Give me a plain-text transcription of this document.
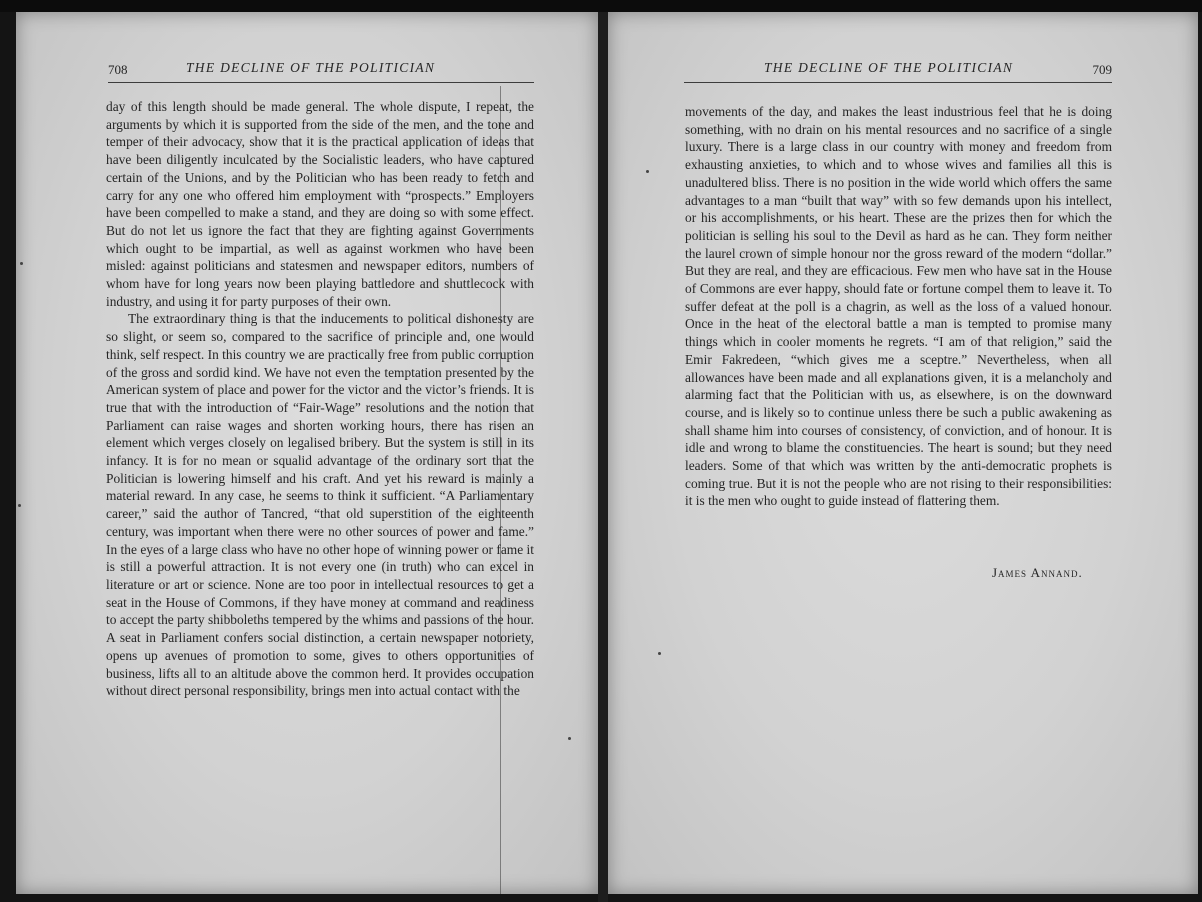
708	THE DECLINE OF THE POLITICIAN

day of this length should be made general. The whole dispute, I repeat, the arguments by which it is supported from the side of the men, and the tone and temper of their advocacy, show that it is the practical application of ideas that have been diligently inculcated by the Socialistic leaders, who have captured certain of the Unions, and by the Politician who has been ready to fetch and carry for any one who offered him employment with “prospects.” Employers have been compelled to make a stand, and they are doing so with some effect. But do not let us ignore the fact that they are fighting against Governments which ought to be impartial, as well as against workmen who have been misled: against politicians and statesmen and newspaper editors, numbers of whom have for long years now been playing battledore and shuttlecock with industry, and using it for party purposes of their own.

The extraordinary thing is that the inducements to political dishonesty are so slight, or seem so, compared to the sacrifice of principle and, one would think, self respect. In this country we are practically free from public corruption of the gross and sordid kind. We have not even the temptation presented by the American system of place and power for the victor and the victor’s friends. It is true that with the introduction of “Fair-Wage” resolutions and the notion that Parliament can raise wages and shorten working hours, there has risen an element which verges closely on legalised bribery. But the system is still in its infancy. It is for no mean or squalid advantage of the ordinary sort that the Politician is lowering himself and his craft. And yet his reward is mainly a material reward. In any case, he seems to think it sufficient. “A Parliamentary career,” said the author of Tancred, “that old superstition of the eighteenth century, was important when there were no other sources of power and fame.” In the eyes of a large class who have no other hope of winning power or fame it is still a powerful attraction. It is not every one (in truth) who can excel in literature or art or science. None are too poor in intellectual resources to get a seat in the House of Commons, if they have money at command and readiness to accept the party shibboleths tempered by the whims and passions of the hour. A seat in Parliament confers social distinction, a certain newspaper notoriety, opens up avenues of promotion to some, gives to others opportunities of business, lifts all to an altitude above the common herd. It provides occupation without direct personal responsibility, brings men into actual contact with the

THE DECLINE OF THE POLITICIAN	709

movements of the day, and makes the least industrious feel that he is doing something, with no drain on his mental resources and no sacrifice of a single luxury. There is a large class in our country with money and freedom from exhausting anxieties, to which and to whose wives and families all this is unadultered bliss. There is no position in the wide world which offers the same advantages to a man “built that way” with so few demands upon his intellect, or his accomplishments, or his heart. These are the prizes then for which the politician is selling his soul to the Devil as hard as he can. They form neither the laurel crown of simple honour nor the gross reward of the modern “dollar.” But they are real, and they are efficacious. Few men who have sat in the House of Commons are ever happy, should fate or fortune compel them to leave it. To suffer defeat at the poll is a chagrin, as well as the loss of a valued honour. Once in the heat of the electoral battle a man is tempted to promise many things which in cooler moments he regrets. “I am of that religion,” said the Emir Fakredeen, “which gives me a sceptre.” Nevertheless, when all allowances have been made and all explanations given, it is a melancholy and alarming fact that the Politician with us, as elsewhere, is on the downward course, and is likely so to continue unless there be such a public awakening as shall shame him into courses of consistency, of conviction, and of honour. It is idle and wrong to blame the constituencies. The heart is sound; but they need leaders. Some of that which was written by the anti-democratic prophets is coming true. But it is not the people who are not rising to their responsibilities: it is the men who ought to guide instead of flattering them.

James Annand.
